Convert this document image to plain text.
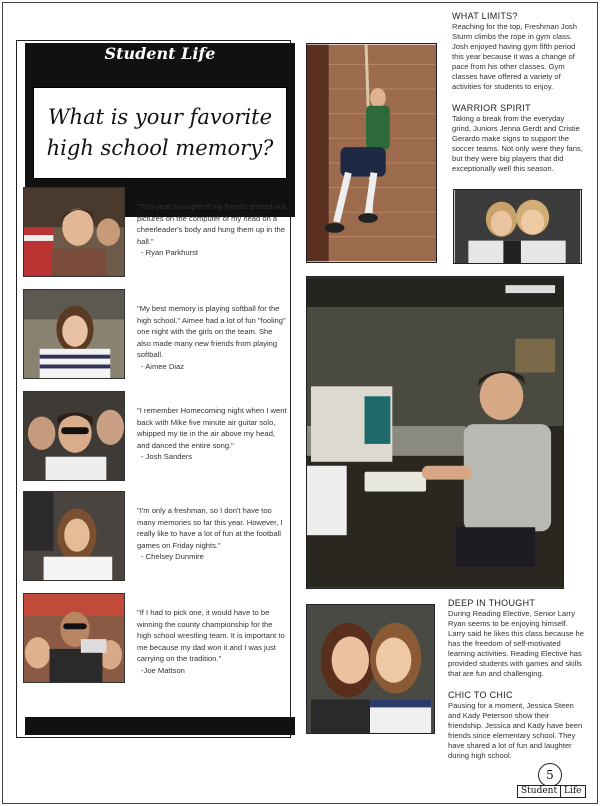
Student Life
What is your favorite high school memory?
"This year a couple of my friends printed out pictures on the computer of my head on a cheerleader's body and hung them up in the hall."
- Ryan Parkhurst
"My best memory is playing softball for the high school." Aimee had a lot of fun "fooling" one night with the girls on the team. She also made many new friends from playing softball.
- Aimee Diaz
"I remember Homecoming night when I went back with Mike five minute air guitar solo, whipped my tie in the air above my head, and danced the entire song."
- Josh Sanders
"I'm only a freshman, so I don't have too many memories so far this year. However, I really like to have a lot of fun at the football games on Friday nights."
- Chelsey Dunmire
"If I had to pick one, it would have to be winning the county championship for the high school wrestling team. It is important to me because my dad won it and I was just carrying on the tradition."
-Joe Mattson
WHAT LIMITS?
Reaching for the top, Freshman Josh Sturm climbs the rope in gym class. Josh enjoyed having gym fifth period this year because it was a change of pace from his other classes. Gym classes have offered a variety of activities for students to enjoy.
WARRIOR SPIRIT
Taking a break from the everyday grind, Juniors Jenna Gerdt and Cristie Gerardo make signs to support the soccer teams. Not only were they fans, but they were big players that did exceptionally well this season.
DEEP IN THOUGHT
During Reading Elective, Senior Larry Ryan seems to be enjoying himself. Larry said he likes this class because he has the freedom of self-motivated learning activities. Reading Elective has provided students with games and skills that are fun and challenging.
CHIC TO CHIC
Pausing for a moment, Jessica Steen and Kady Peterson show their friendship. Jessica and Kady have been friends since elementary school. They have shared a lot of fun and laughter during high school.
5
Student Life
